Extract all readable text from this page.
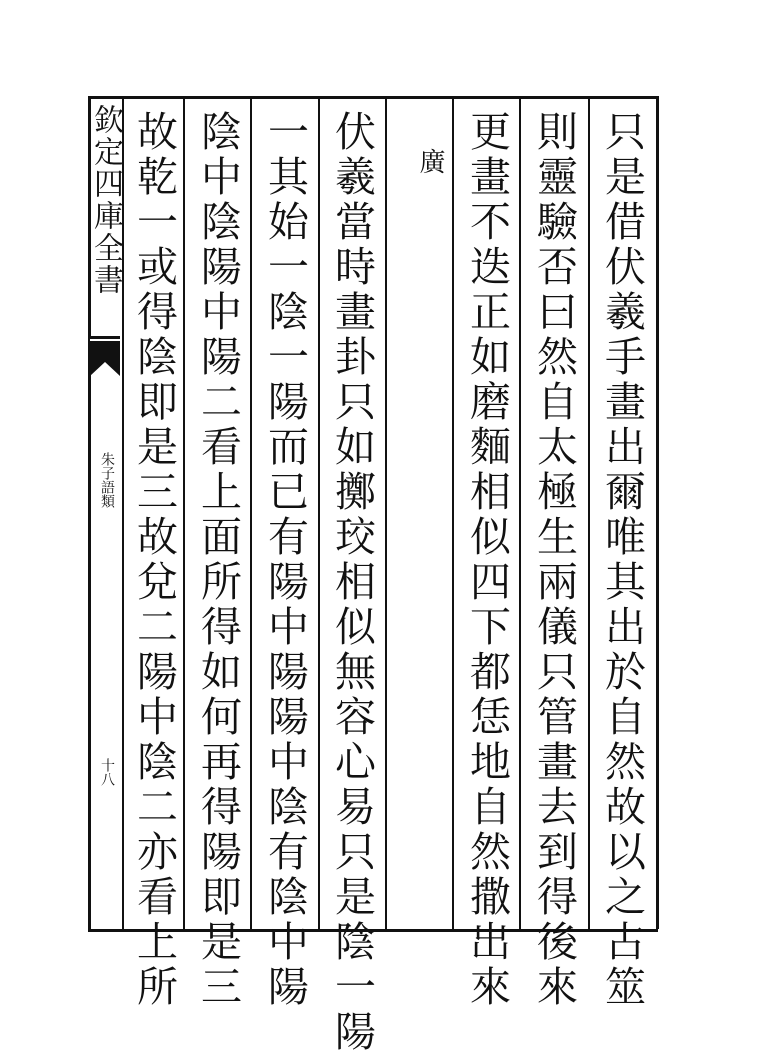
欽定四庫全書
朱子語類
十八	只是借伏羲手畫出爾唯其出於自然故以之占筮
則靈驗否曰然自太極生兩儀只管畫去到得後來
更畫不迭正如磨麵相似四下都恁地自然撒出來
廣
伏羲當時畫卦只如擲珓相似無容心易只是陰一陽
一其始一陰一陽而已有陽中陽陽中陰有陰中陽
陰中陰陽中陽二看上面所得如何再得陽即是三
故乾一或得陰即是三故兌二陽中陰二亦看上所
